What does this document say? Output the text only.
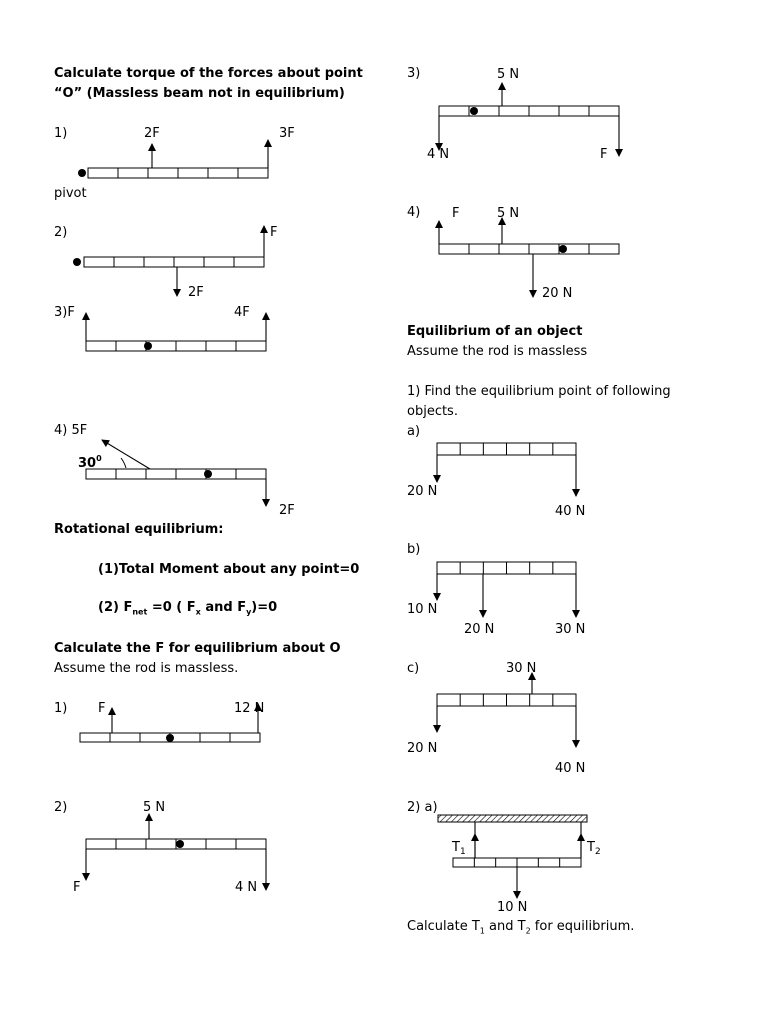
2F	3F
F
2F
4F
$30^0$
2F
F	12 N
5 N
F	4 N
5 N
4 N	F
F	5 N
20 N
20 N
40 N
10 N
20 N	30 N
30 N
20 N
40 N
$T_1$	$T_2$
10 N
Calculate torque of the forces about point
“O” (Massless beam not in equilibrium)
1)
pivot
2)
3)F
4) 5F
Rotational equilibrium:
(1)Total Moment about any point=0
(2) $F_{net} =0$ ( $F_x$ and $F_y)=0$
Calculate the F for equilibrium about O
Assume the rod is massless.
1)
2)
3)
4)
Equilibrium of an object
Assume the rod is massless
1) Find the equilibrium point of following
objects.
a)
b)
c)
2) a)
Calculate $T_1$ and $T_2$ for equilibrium.
